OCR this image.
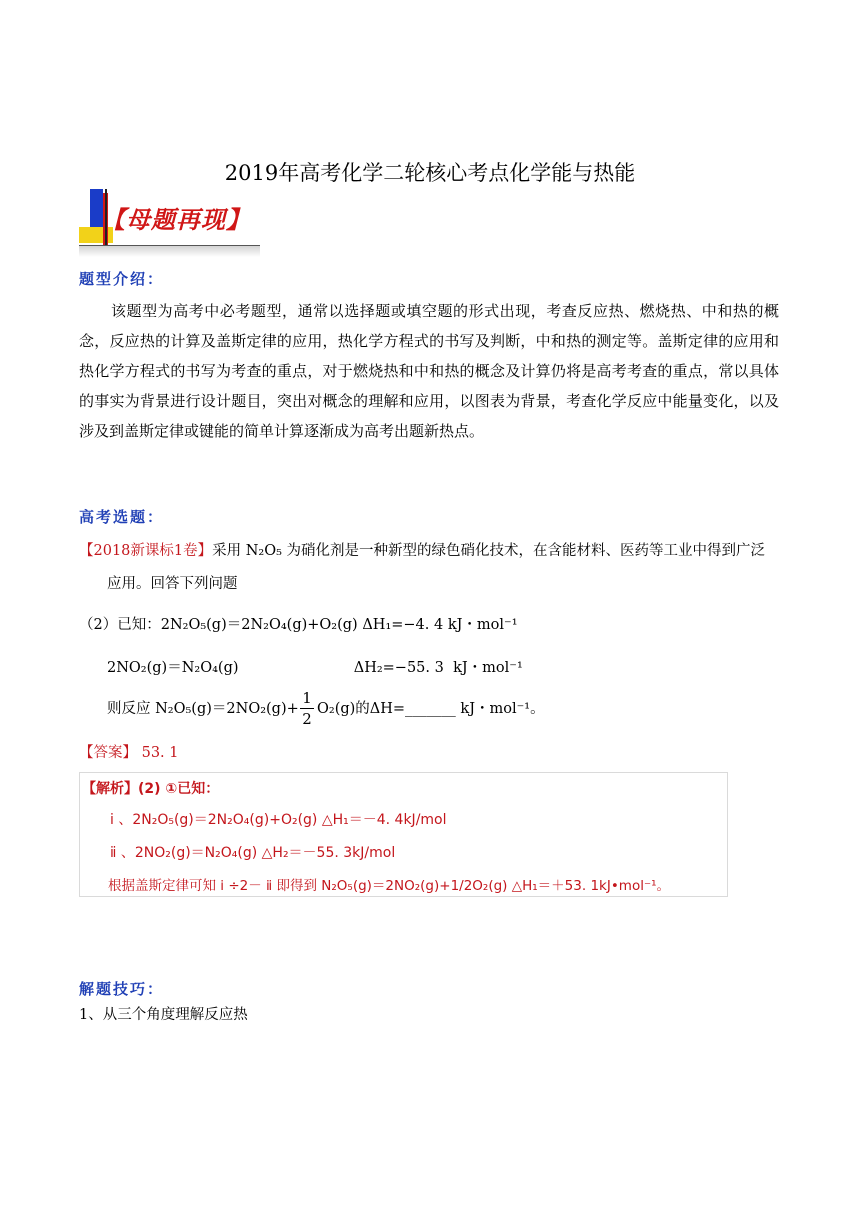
2019年高考化学二轮核心考点化学能与热能
【母题再现】
题型介绍：

该题型为高考中必考题型，通常以选择题或填空题的形式出现，考查反应热、燃烧热、中和热的概念，反应热的计算及盖斯定律的应用，热化学方程式的书写及判断，中和热的测定等。盖斯定律的应用和热化学方程式的书写为考查的重点，对于燃烧热和中和热的概念及计算仍将是高考考查的重点，常以具体的事实为背景进行设计题目，突出对概念的理解和应用，以图表为背景，考查化学反应中能量变化，以及涉及到盖斯定律或键能的简单计算逐渐成为高考出题新热点。

高考选题：
【2018新课标1卷】采用 N₂O₅ 为硝化剂是一种新型的绿色硝化技术，在含能材料、医药等工业中得到广泛
应用。回答下列问题
（2）已知：2N₂O₅(g)＝2N₂O₄(g)+O₂(g) ΔH₁=−4. 4 kJ・mol⁻¹
2NO₂(g)＝N₂O₄(g)                         ΔH₂=−55. 3  kJ・mol⁻¹
则反应 $N_2O_5(g)=2NO_2(g)+ \frac{1}{2} O_2(g)$的ΔH=_______ kJ・mol⁻¹。
【答案】 53. 1
【解析】(2) ①已知：
ⅰ 、2N₂O₅(g)＝2N₂O₄(g)+O₂(g) △H₁＝－4. 4kJ/mol
ⅱ 、2NO₂(g)＝N₂O₄(g) △H₂＝－55. 3kJ/mol
根据盖斯定律可知 ⅰ ÷2－ ⅱ 即得到 N₂O₅(g)＝2NO₂(g)+1/2O₂(g) △H₁＝＋53. 1kJ•mol⁻¹。
解题技巧：
1、从三个角度理解反应热
